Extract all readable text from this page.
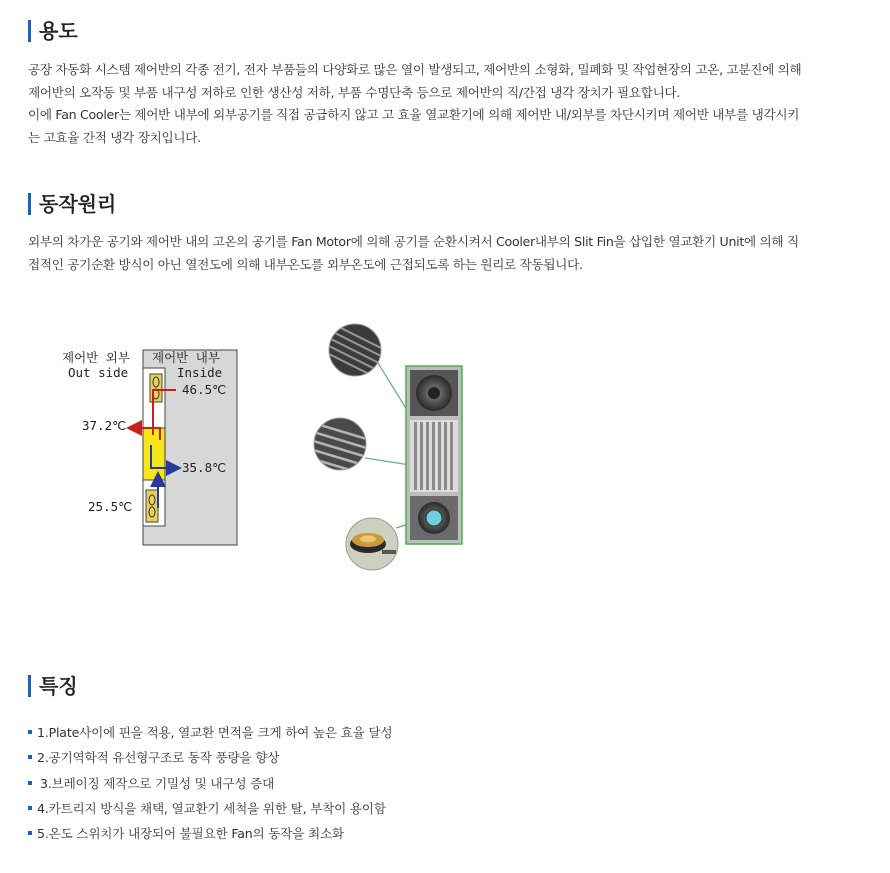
용도

공장 자동화 시스템 제어반의 각종 전기, 전자 부품들의 다양화로 많은 열이 발생되고, 제어반의 소형화, 밀폐화 및 작업현장의 고온, 고분진에 의해

제어반의 오작동 및 부품 내구성 저하로 인한 생산성 저하, 부품 수명단축 등으로 제어반의 직/간접 냉각 장치가 필요합니다.

이에 Fan Cooler는 제어반 내부에 외부공기를 직접 공급하지 않고 고 효율 열교환기에 의해 제어반 내/외부를 차단시키며 제어반 내부를 냉각시키

는 고효율 간적 냉각 장치입니다.

동작원리

외부의 차가운 공기와 제어반 내의 고온의 공기를 Fan Motor에 의해 공기를 순환시켜서 Cooler내부의 Slit Fin을 삽입한 열교환기 Unit에 의해 직

접적인 공기순환 방식이 아닌 열전도에 의해 내부온도를 외부온도에 근접되도록 하는 원리로 작동됩니다.

제어반 외부
Out side
제어반 내부
Inside
46.5℃
37.2℃
35.8℃
25.5℃
특징
1.Plate사이에 핀을 적용, 열교환 면적을 크게 하여 높은 효율 달성
2.공기역학적 유선형구조로 동작 풍량을 향상
3.브레이징 제작으로 기밀성 및 내구성 증대
4.카트리지 방식을 채택, 열교환기 세척을 위한 탈, 부착이 용이함
5.온도 스위치가 내장되어 불필요한 Fan의 동작을 최소화
